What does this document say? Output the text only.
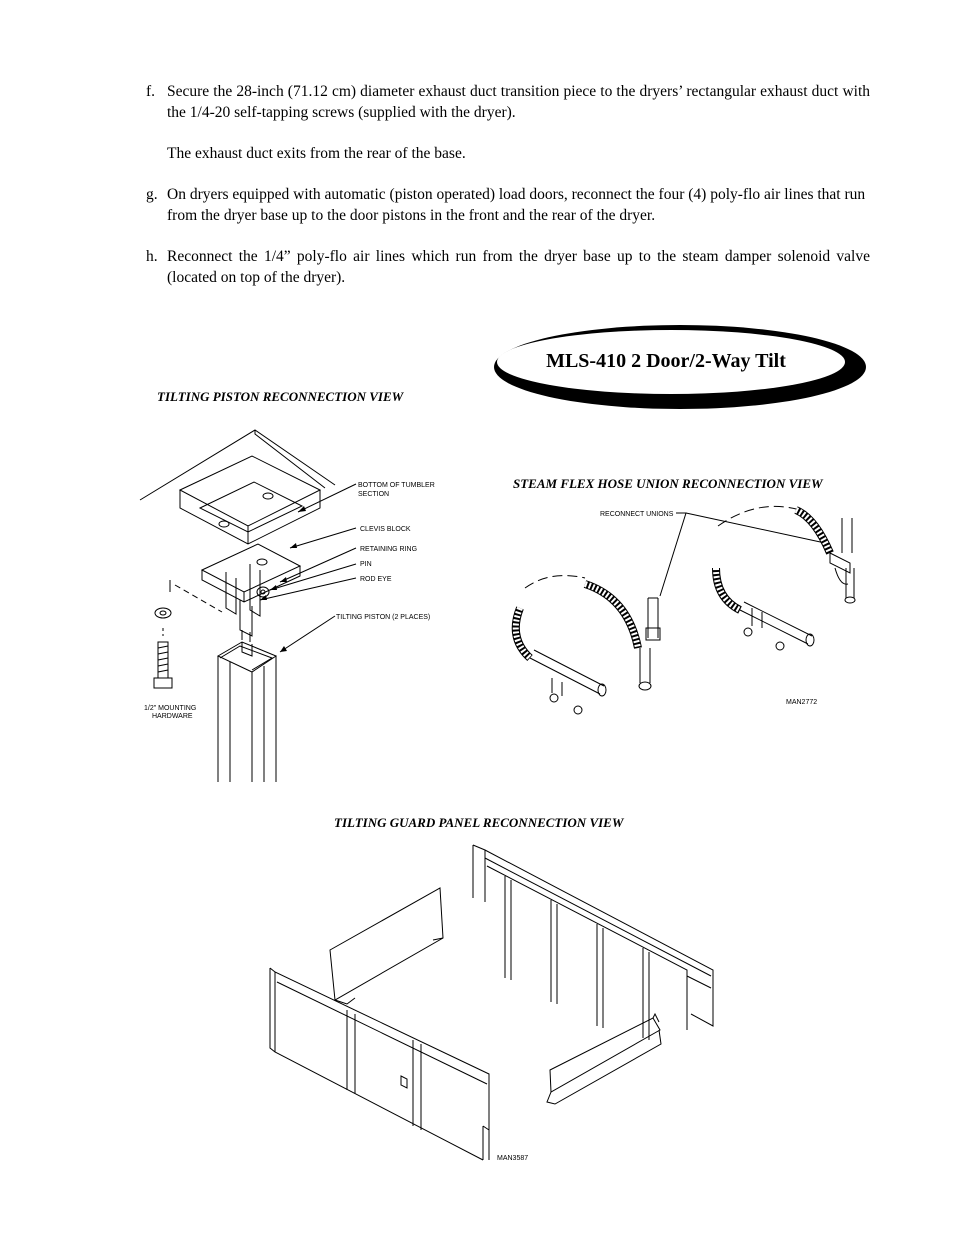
f. Secure the 28-inch (71.12 cm) diameter exhaust duct transition piece to the dryers’ rectangular exhaust duct with the 1/4-20 self-tapping screws (supplied with the dryer).
The exhaust duct exits from the rear of the base.
g. On dryers equipped with automatic (piston operated) load doors, reconnect the four (4) poly-flo air lines that run from the dryer base up to the door pistons in the front and the rear of the dryer.
h. Reconnect the 1/4” poly-flo air lines which run from the dryer base up to the steam damper solenoid valve (located on top of the dryer).
MLS-410 2 Door/2-Way Tilt
TILTING PISTON RECONNECTION VIEW
STEAM FLEX HOSE UNION RECONNECTION VIEW
TILTING GUARD PANEL RECONNECTION VIEW
BOTTOM OF TUMBLER
SECTION
CLEVIS BLOCK
RETAINING RING
PIN
ROD EYE
TILTING PISTON (2 PLACES)
1/2" MOUNTING
HARDWARE
RECONNECT UNIONS
MAN2772
MAN3587
